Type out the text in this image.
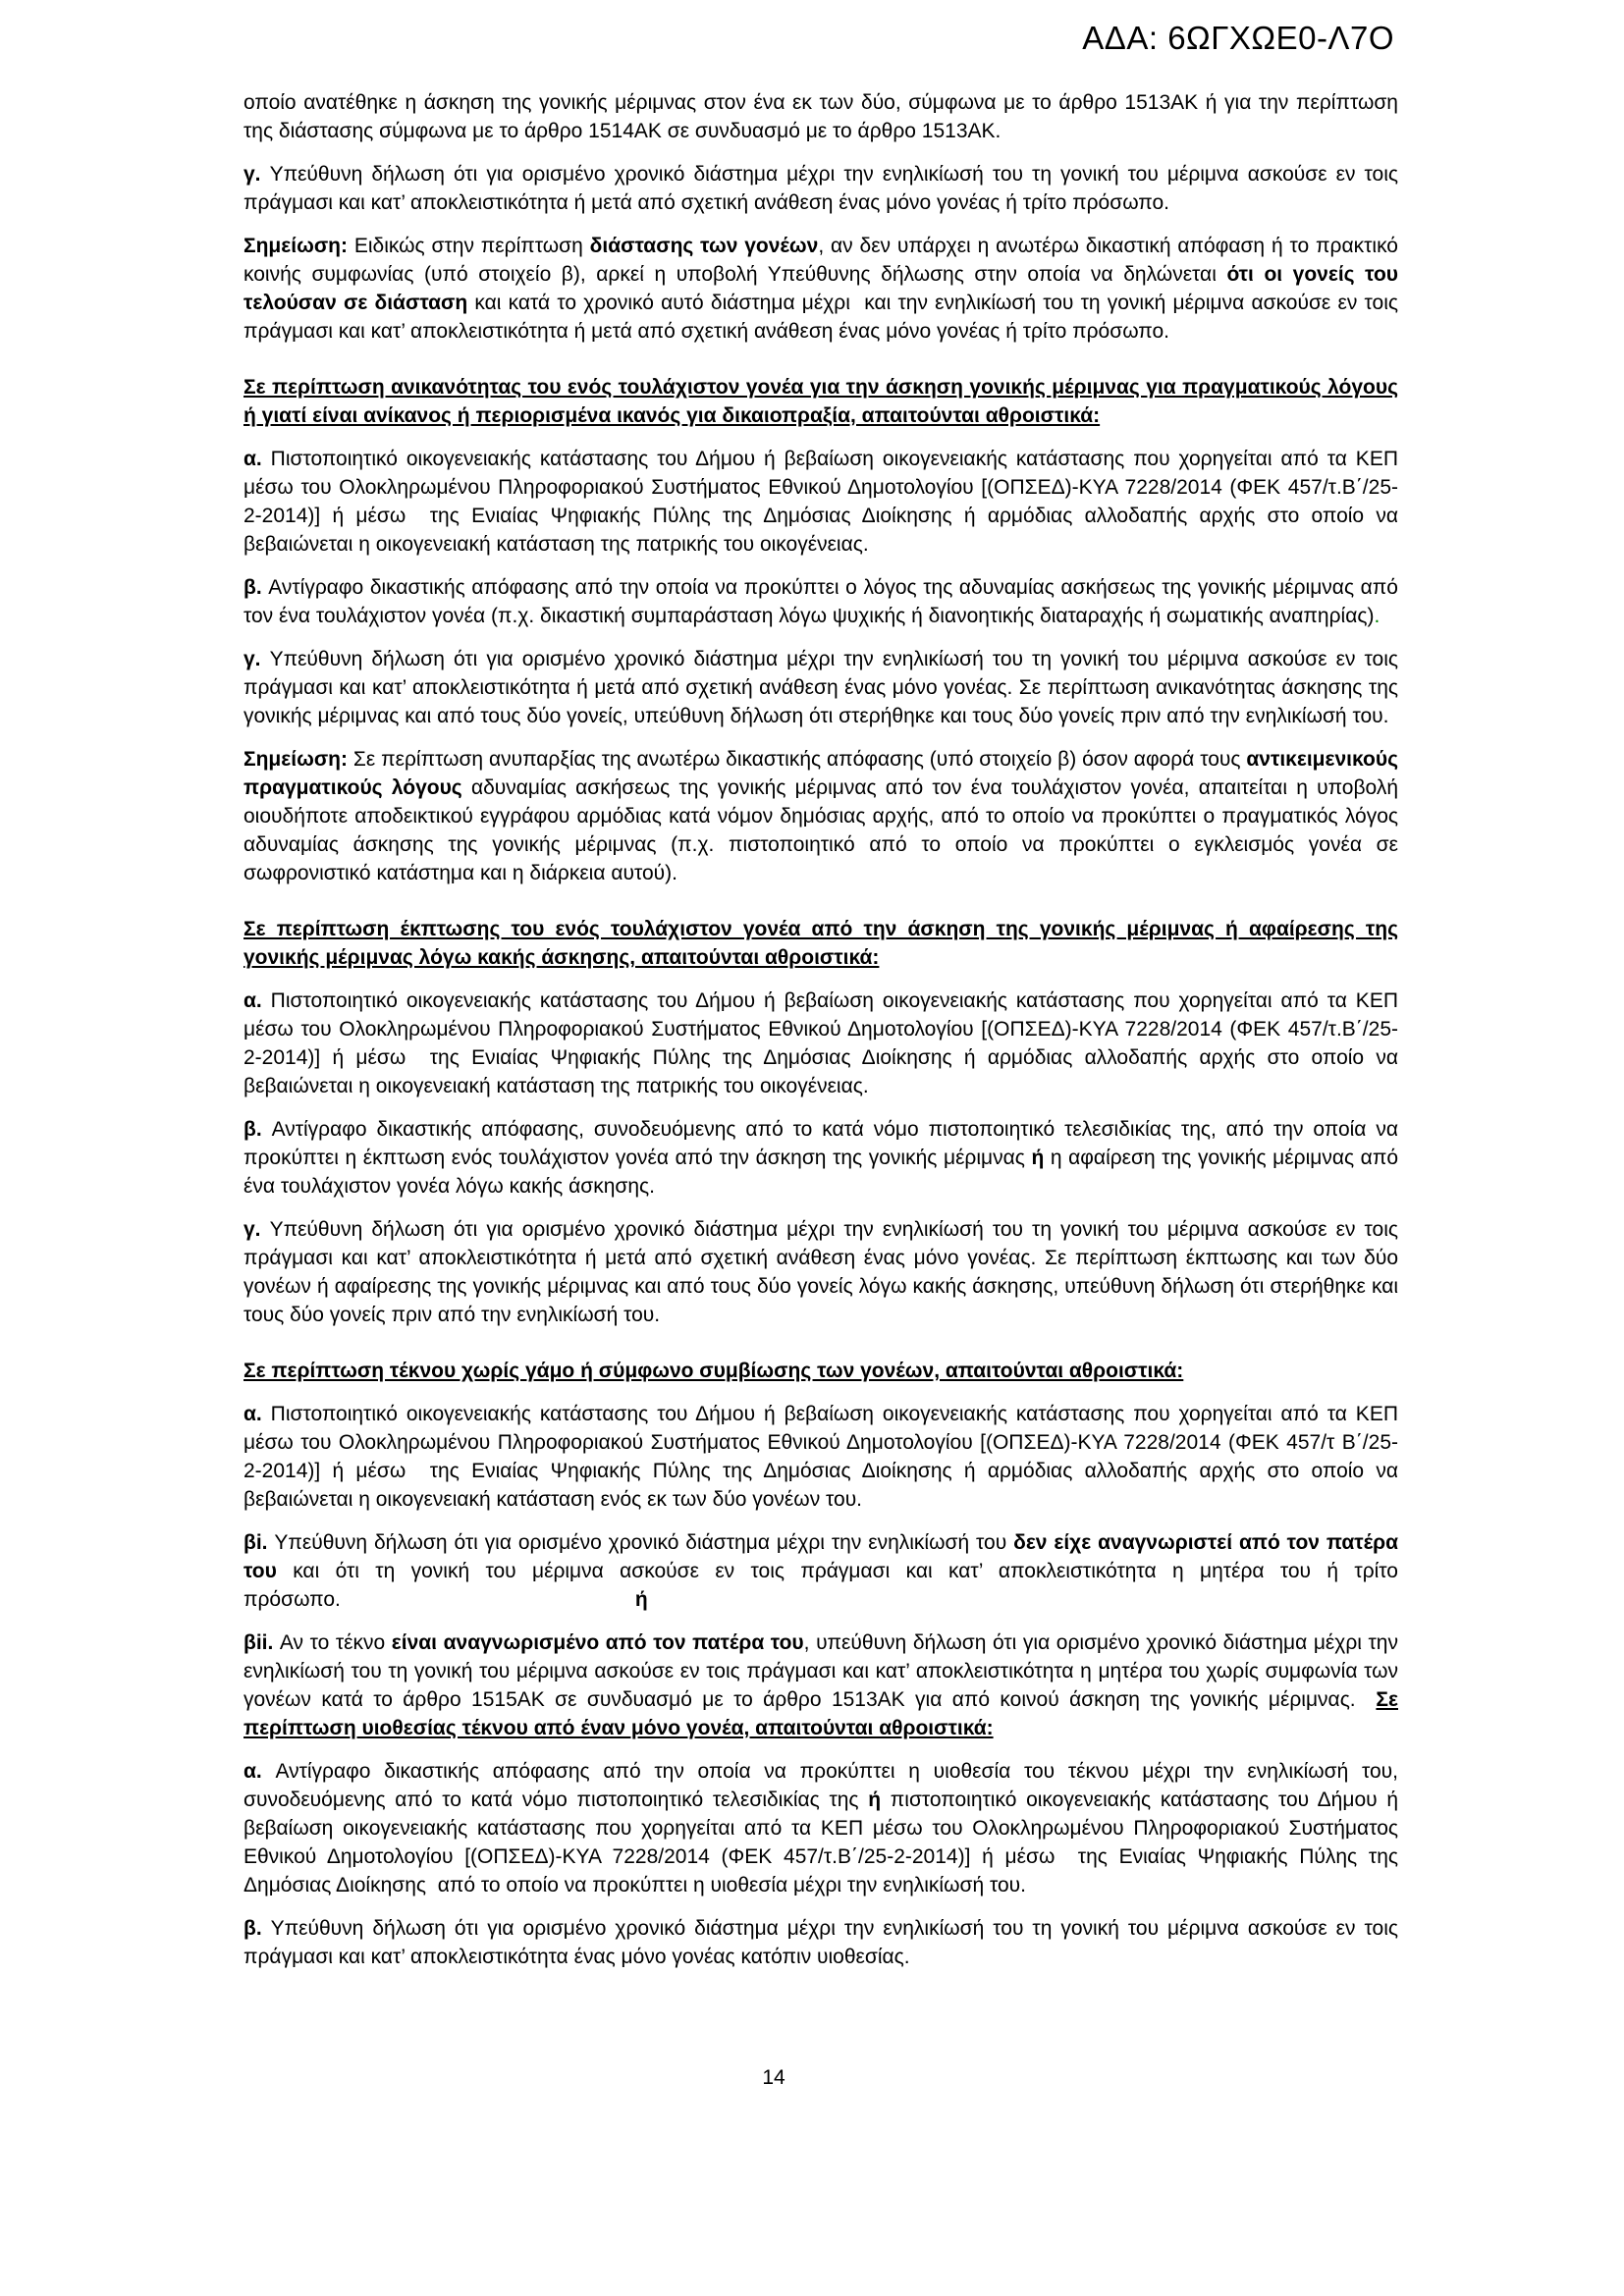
ΑΔΑ: 6ΩΓΧΩΕ0-Λ7Ο

οποίο ανατέθηκε η άσκηση της γονικής μέριμνας στον ένα εκ των δύο, σύμφωνα με το άρθρο 1513ΑΚ ή για την περίπτωση της διάστασης σύμφωνα με το άρθρο 1514ΑΚ σε συνδυασμό με το άρθρο 1513ΑΚ.

γ. Υπεύθυνη δήλωση ότι για ορισμένο χρονικό διάστημα μέχρι την ενηλικίωσή του τη γονική του μέριμνα ασκούσε εν τοις πράγμασι και κατ’ αποκλειστικότητα ή μετά από σχετική ανάθεση ένας μόνο γονέας ή τρίτο πρόσωπο.

Σημείωση: Ειδικώς στην περίπτωση διάστασης των γονέων, αν δεν υπάρχει η ανωτέρω δικαστική απόφαση ή το πρακτικό κοινής συμφωνίας (υπό στοιχείο β), αρκεί η υποβολή Υπεύθυνης δήλωσης στην οποία να δηλώνεται ότι οι γονείς του τελούσαν σε διάσταση και κατά το χρονικό αυτό διάστημα μέχρι  και την ενηλικίωσή του τη γονική μέριμνα ασκούσε εν τοις πράγμασι και κατ’ αποκλειστικότητα ή μετά από σχετική ανάθεση ένας μόνο γονέας ή τρίτο πρόσωπο.

Σε περίπτωση ανικανότητας του ενός τουλάχιστον γονέα για την άσκηση γονικής μέριμνας για πραγματικούς λόγους ή γιατί είναι ανίκανος ή περιορισμένα ικανός για δικαιοπραξία, απαιτούνται αθροιστικά:

α. Πιστοποιητικό οικογενειακής κατάστασης του Δήμου ή βεβαίωση οικογενειακής κατάστασης που χορηγείται από τα ΚΕΠ μέσω του Ολοκληρωμένου Πληροφοριακού Συστήματος Εθνικού Δημοτολογίου [(ΟΠΣΕΔ)-ΚΥΑ 7228/2014 (ΦΕΚ 457/τ.Β΄/25-2-2014)] ή μέσω  της Ενιαίας Ψηφιακής Πύλης της Δημόσιας Διοίκησης ή αρμόδιας αλλοδαπής αρχής στο οποίο να βεβαιώνεται η οικογενειακή κατάσταση της πατρικής του οικογένειας.

β. Αντίγραφο δικαστικής απόφασης από την οποία να προκύπτει ο λόγος της αδυναμίας ασκήσεως της γονικής μέριμνας από τον ένα τουλάχιστον γονέα (π.χ. δικαστική συμπαράσταση λόγω ψυχικής ή διανοητικής διαταραχής ή σωματικής αναπηρίας).

γ. Υπεύθυνη δήλωση ότι για ορισμένο χρονικό διάστημα μέχρι την ενηλικίωσή του τη γονική του μέριμνα ασκούσε εν τοις πράγμασι και κατ’ αποκλειστικότητα ή μετά από σχετική ανάθεση ένας μόνο γονέας. Σε περίπτωση ανικανότητας άσκησης της γονικής μέριμνας και από τους δύο γονείς, υπεύθυνη δήλωση ότι στερήθηκε και τους δύο γονείς πριν από την ενηλικίωσή του.

Σημείωση: Σε περίπτωση ανυπαρξίας της ανωτέρω δικαστικής απόφασης (υπό στοιχείο β) όσον αφορά τους αντικειμενικούς πραγματικούς λόγους αδυναμίας ασκήσεως της γονικής μέριμνας από τον ένα τουλάχιστον γονέα, απαιτείται η υποβολή οιουδήποτε αποδεικτικού εγγράφου αρμόδιας κατά νόμον δημόσιας αρχής, από το οποίο να προκύπτει ο πραγματικός λόγος αδυναμίας άσκησης της γονικής μέριμνας (π.χ. πιστοποιητικό από το οποίο να προκύπτει ο εγκλεισμός γονέα σε σωφρονιστικό κατάστημα και η διάρκεια αυτού).

Σε περίπτωση έκπτωσης του ενός τουλάχιστον γονέα από την άσκηση της γονικής μέριμνας ή αφαίρεσης της γονικής μέριμνας λόγω κακής άσκησης, απαιτούνται αθροιστικά:

α. Πιστοποιητικό οικογενειακής κατάστασης του Δήμου ή βεβαίωση οικογενειακής κατάστασης που χορηγείται από τα ΚΕΠ μέσω του Ολοκληρωμένου Πληροφοριακού Συστήματος Εθνικού Δημοτολογίου [(ΟΠΣΕΔ)-ΚΥΑ 7228/2014 (ΦΕΚ 457/τ.Β΄/25-2-2014)] ή μέσω  της Ενιαίας Ψηφιακής Πύλης της Δημόσιας Διοίκησης ή αρμόδιας αλλοδαπής αρχής στο οποίο να βεβαιώνεται η οικογενειακή κατάσταση της πατρικής του οικογένειας.

β. Αντίγραφο δικαστικής απόφασης, συνοδευόμενης από το κατά νόμο πιστοποιητικό τελεσιδικίας της, από την οποία να προκύπτει η έκπτωση ενός τουλάχιστον γονέα από την άσκηση της γονικής μέριμνας ή η αφαίρεση της γονικής μέριμνας από ένα τουλάχιστον γονέα λόγω κακής άσκησης.

γ. Υπεύθυνη δήλωση ότι για ορισμένο χρονικό διάστημα μέχρι την ενηλικίωσή του τη γονική του μέριμνα ασκούσε εν τοις πράγμασι και κατ’ αποκλειστικότητα ή μετά από σχετική ανάθεση ένας μόνο γονέας. Σε περίπτωση έκπτωσης και των δύο γονέων ή αφαίρεσης της γονικής μέριμνας και από τους δύο γονείς λόγω κακής άσκησης, υπεύθυνη δήλωση ότι στερήθηκε και τους δύο γονείς πριν από την ενηλικίωσή του.

Σε περίπτωση τέκνου χωρίς γάμο ή σύμφωνο συμβίωσης των γονέων, απαιτούνται αθροιστικά:

α. Πιστοποιητικό οικογενειακής κατάστασης του Δήμου ή βεβαίωση οικογενειακής κατάστασης που χορηγείται από τα ΚΕΠ μέσω του Ολοκληρωμένου Πληροφοριακού Συστήματος Εθνικού Δημοτολογίου [(ΟΠΣΕΔ)-ΚΥΑ 7228/2014 (ΦΕΚ 457/τ Β΄/25-2-2014)] ή μέσω  της Ενιαίας Ψηφιακής Πύλης της Δημόσιας Διοίκησης ή αρμόδιας αλλοδαπής αρχής στο οποίο να βεβαιώνεται η οικογενειακή κατάσταση ενός εκ των δύο γονέων του.

βi. Υπεύθυνη δήλωση ότι για ορισμένο χρονικό διάστημα μέχρι την ενηλικίωσή του δεν είχε αναγνωριστεί από τον πατέρα του και ότι τη γονική του μέριμνα ασκούσε εν τοις πράγμασι και κατ’ αποκλειστικότητα η μητέρα του ή τρίτο πρόσωπο.	ή

βii. Αν το τέκνο είναι αναγνωρισμένο από τον πατέρα του, υπεύθυνη δήλωση ότι για ορισμένο χρονικό διάστημα μέχρι την ενηλικίωσή του τη γονική του μέριμνα ασκούσε εν τοις πράγμασι και κατ’ αποκλειστικότητα η μητέρα του χωρίς συμφωνία των γονέων κατά το άρθρο 1515ΑΚ σε συνδυασμό με το άρθρο 1513ΑΚ για από κοινού άσκηση της γονικής μέριμνας.  Σε περίπτωση υιοθεσίας τέκνου από έναν μόνο γονέα, απαιτούνται αθροιστικά:

α. Αντίγραφο δικαστικής απόφασης από την οποία να προκύπτει η υιοθεσία του τέκνου μέχρι την ενηλικίωσή του, συνοδευόμενης από το κατά νόμο πιστοποιητικό τελεσιδικίας της ή πιστοποιητικό οικογενειακής κατάστασης του Δήμου ή βεβαίωση οικογενειακής κατάστασης που χορηγείται από τα ΚΕΠ μέσω του Ολοκληρωμένου Πληροφοριακού Συστήματος Εθνικού Δημοτολογίου [(ΟΠΣΕΔ)-ΚΥΑ 7228/2014 (ΦΕΚ 457/τ.Β΄/25-2-2014)] ή μέσω  της Ενιαίας Ψηφιακής Πύλης της Δημόσιας Διοίκησης  από το οποίο να προκύπτει η υιοθεσία μέχρι την ενηλικίωσή του.

β. Υπεύθυνη δήλωση ότι για ορισμένο χρονικό διάστημα μέχρι την ενηλικίωσή του τη γονική του μέριμνα ασκούσε εν τοις πράγμασι και κατ’ αποκλειστικότητα ένας μόνο γονέας κατόπιν υιοθεσίας.

14
